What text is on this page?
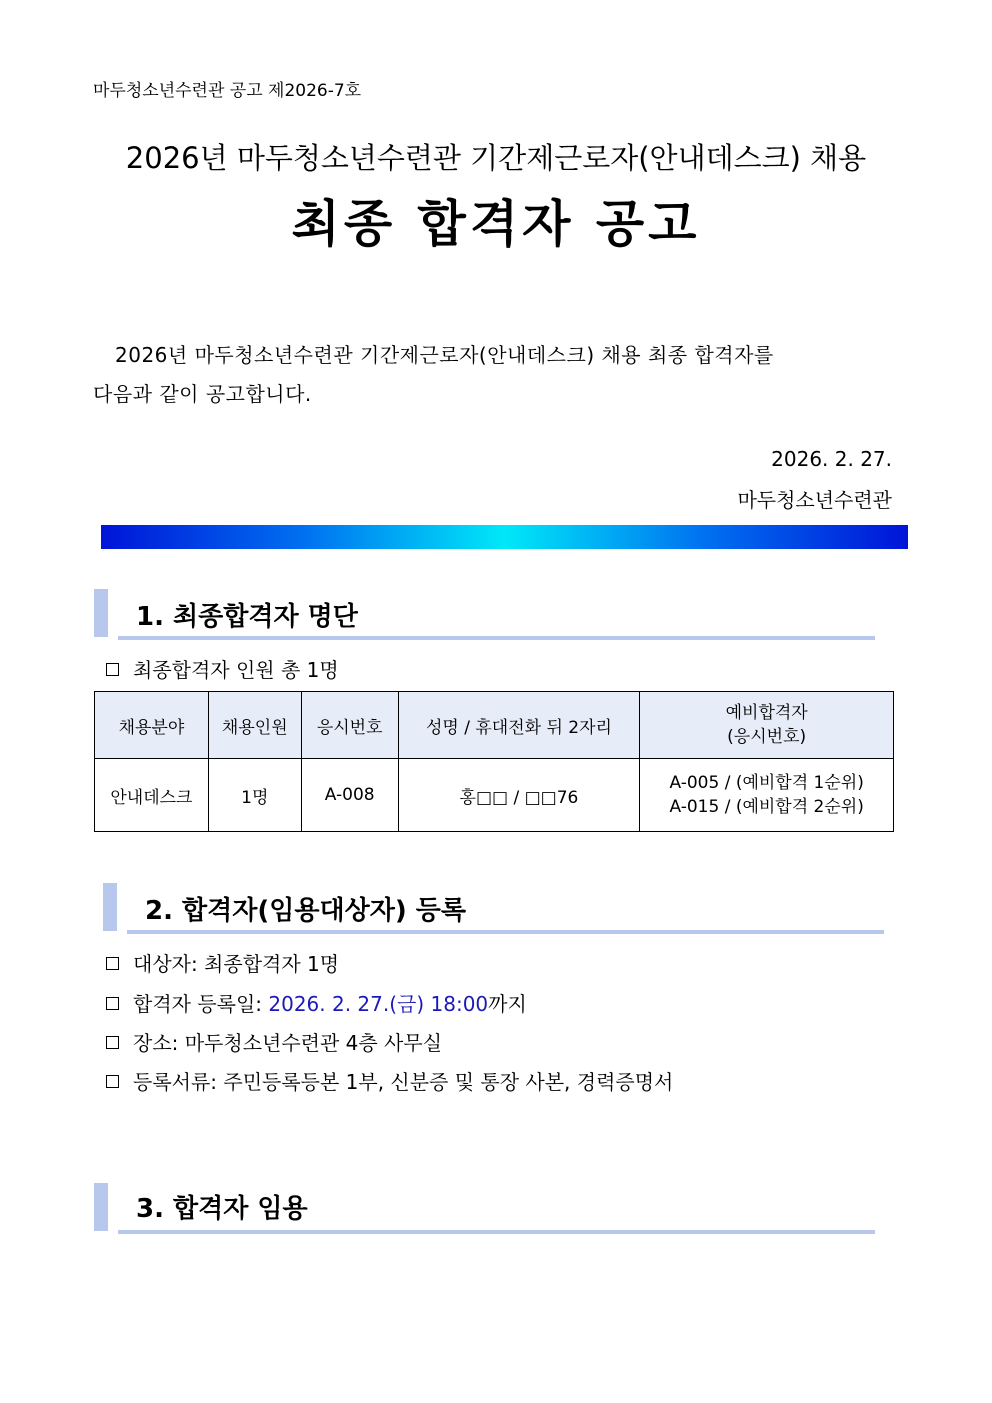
마두청소년수련관 공고 제2026-7호
2026년 마두청소년수련관 기간제근로자(안내데스크) 채용
최종 합격자 공고
2026년 마두청소년수련관 기간제근로자(안내데스크) 채용 최종 합격자를
다음과 같이 공고합니다.
2026. 2. 27.
마두청소년수련관
1. 최종합격자 명단
최종합격자 인원 총 1명
채용분야	채용인원	응시번호	성명 / 휴대전화 뒤 2자리	예비합격자
(응시번호)

안내데스크	1명	A-008	홍□□ / □□76	A-005 / (예비합격 1순위)
A-015 / (예비합격 2순위)
2. 합격자(임용대상자) 등록
대상자: 최종합격자 1명
합격자 등록일: 2026. 2. 27.(금) 18:00까지
장소: 마두청소년수련관 4층 사무실
등록서류: 주민등록등본 1부, 신분증 및 통장 사본, 경력증명서
3. 합격자 임용
